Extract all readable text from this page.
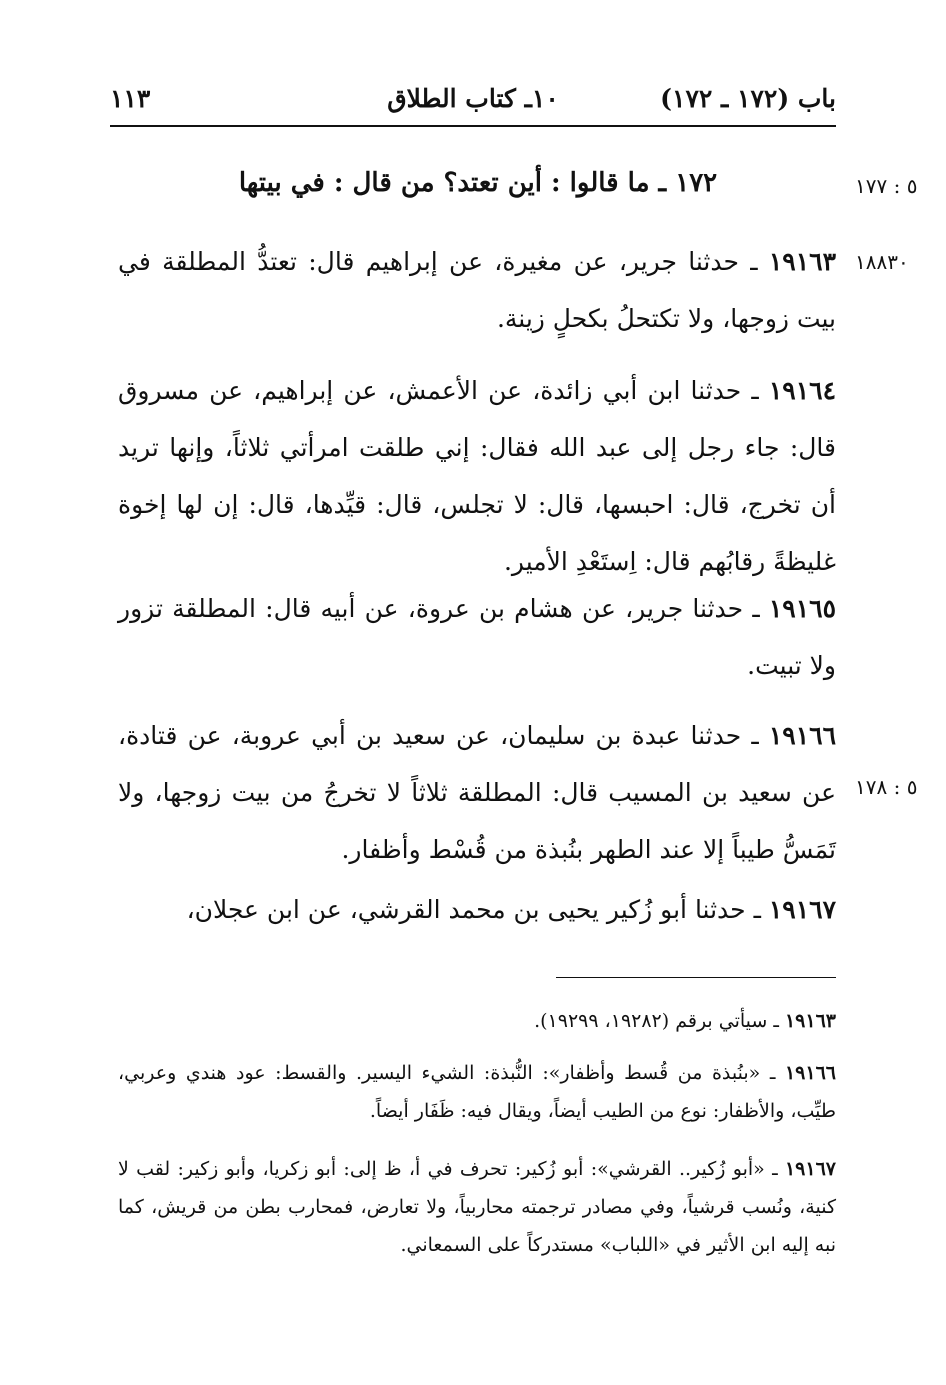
باب (١٧٢ ـ ١٧٢)
١٠ـ كتاب الطلاق
١١٣
٥ : ١٧٧
١٧٢ ـ ما قالوا : أين تعتد؟ من قال : في بيتها
١٨٨٣٠
١٩١٦٣ ـ حدثنا جرير، عن مغيرة، عن إبراهيم قال: تعتدُّ المطلقة في بيت زوجها، ولا تكتحلُ بكحلٍ زينة.
١٩١٦٤ ـ حدثنا ابن أبي زائدة، عن الأعمش، عن إبراهيم، عن مسروق قال: جاء رجل إلى عبد الله فقال: إني طلقت امرأتي ثلاثاً، وإنها تريد أن تخرج، قال: احبسها، قال: لا تجلس، قال: قيِّدها، قال: إن لها إخوة غليظةً رقابُهم قال: اِستَعْدِ الأمير.
١٩١٦٥ ـ حدثنا جرير، عن هشام بن عروة، عن أبيه قال: المطلقة تزور ولا تبيت.
٥ : ١٧٨
١٩١٦٦ ـ حدثنا عبدة بن سليمان، عن سعيد بن أبي عروبة، عن قتادة، عن سعيد بن المسيب قال: المطلقة ثلاثاً لا تخرجُ من بيت زوجها، ولا تَمَسُّ طيباً إلا عند الطهر بنُبذة من قُسْط وأظفار.
١٩١٦٧ ـ حدثنا أبو زُكير يحيى بن محمد القرشي، عن ابن عجلان،
١٩١٦٣ ـ سيأتي برقم (١٩٢٨٢، ١٩٢٩٩).
١٩١٦٦ ـ «بنُبذة من قُسط وأظفار»: النُّبذة: الشيء اليسير. والقسط: عود هندي وعربي، طيِّب، والأظفار: نوع من الطيب أيضاً، ويقال فيه: ظَفَار أيضاً.
١٩١٦٧ ـ «أبو زُكير.. القرشي»: أبو زُكير: تحرف في أ، ظ إلى: أبو زكريا، وأبو زكير: لقب لا كنية، ونُسب قرشياً، وفي مصادر ترجمته محاربياً، ولا تعارض، فمحارب بطن من قريش، كما نبه إليه ابن الأثير في «اللباب» مستدركاً على السمعاني.
